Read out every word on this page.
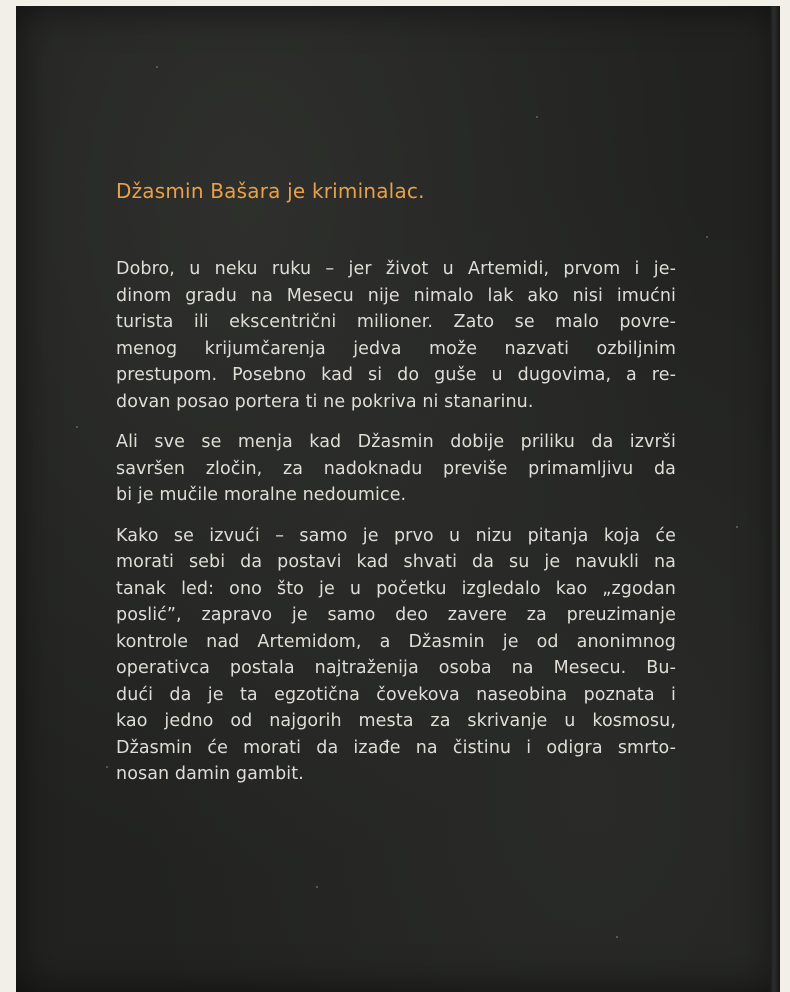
Džasmin Bašara je kriminalac.

Dobro, u neku ruku – jer život u Artemidi, prvom i je-
dinom gradu na Mesecu nije nimalo lak ako nisi imućni
turista ili ekscentrični milioner. Zato se malo povre-
menog krijumčarenja jedva može nazvati ozbiljnim
prestupom. Posebno kad si do guše u dugovima, a re-
dovan posao portera ti ne pokriva ni stanarinu.

Ali sve se menja kad Džasmin dobije priliku da izvrši
savršen zločin, za nadoknadu previše primamljivu da
bi je mučile moralne nedoumice.

Kako se izvući – samo je prvo u nizu pitanja koja će
morati sebi da postavi kad shvati da su je navukli na
tanak led: ono što je u početku izgledalo kao „zgodan
poslić”, zapravo je samo deo zavere za preuzimanje
kontrole nad Artemidom, a Džasmin je od anonimnog
operativca postala najtraženija osoba na Mesecu. Bu-
dući da je ta egzotična čovekova naseobina poznata i
kao jedno od najgorih mesta za skrivanje u kosmosu,
Džasmin će morati da izađe na čistinu i odigra smrto-
nosan damin gambit.
